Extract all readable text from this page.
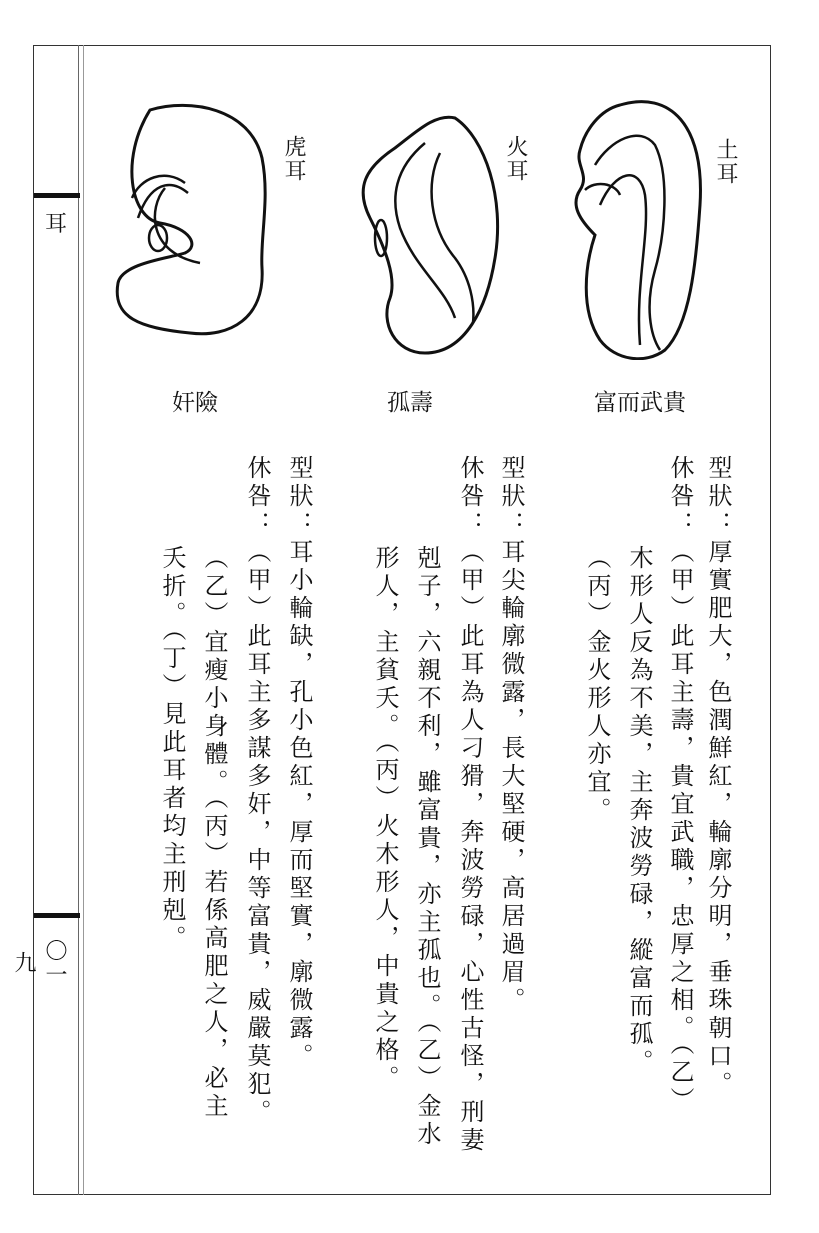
耳
〇一九
虎耳
奸險
火耳
孤壽
土耳
富而武貴
型狀：厚實肥大，色潤鮮紅，輪廓分明，垂珠朝口。
休咎：（甲）此耳主壽，貴宜武職，忠厚之相。（乙）
木形人反為不美，主奔波勞碌，縱富而孤。
（丙）金火形人亦宜。
型狀：耳尖輪廓微露，長大堅硬，高居過眉。
休咎：（甲）此耳為人刁猾，奔波勞碌，心性古怪，刑妻
剋子，六親不利，雖富貴，亦主孤也。（乙）金水
形人，主貧夭。（丙）火木形人，中貴之格。
型狀：耳小輪缺，孔小色紅，厚而堅實，廓微露。
休咎：（甲）此耳主多謀多奸，中等富貴，威嚴莫犯。
（乙）宜瘦小身體。（丙）若係高肥之人，必主
夭折。（丁）見此耳者均主刑剋。
